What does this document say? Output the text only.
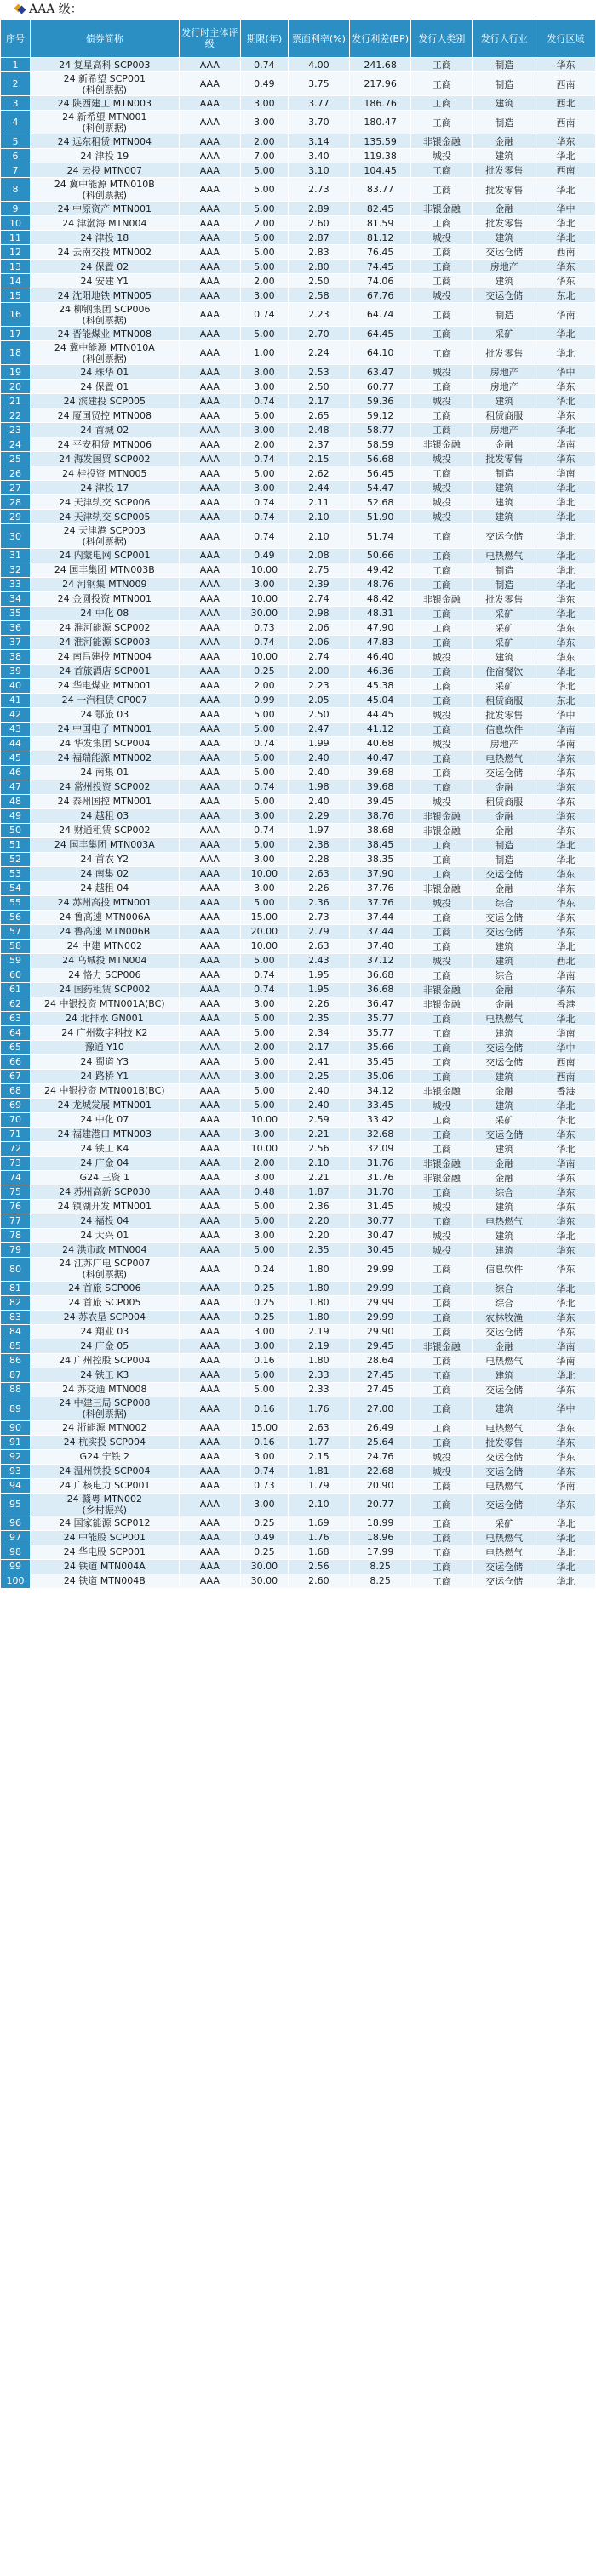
AAA 级：
序号	债券简称	发行时主体评级	期限(年)	票面利率(%)	发行利差(BP)	发行人类别	发行人行业	发行区域
1	24 复星高科 SCP003	AAA	0.74	4.00	241.68	工商	制造	华东
2	24 新希望 SCP001
(科创票据)	AAA	0.49	3.75	217.96	工商	制造	西南
3	24 陕西建工 MTN003	AAA	3.00	3.77	186.76	工商	建筑	西北
4	24 新希望 MTN001
(科创票据)	AAA	3.00	3.70	180.47	工商	制造	西南
5	24 远东租赁 MTN004	AAA	2.00	3.14	135.59	非银金融	金融	华东
6	24 津投 19	AAA	7.00	3.40	119.38	城投	建筑	华北
7	24 云投 MTN007	AAA	5.00	3.10	104.45	工商	批发零售	西南
8	24 冀中能源 MTN010B
(科创票据)	AAA	5.00	2.73	83.77	工商	批发零售	华北
9	24 中原资产 MTN001	AAA	5.00	2.89	82.45	非银金融	金融	华中
10	24 津渤海 MTN004	AAA	2.00	2.60	81.59	工商	批发零售	华北
11	24 津投 18	AAA	5.00	2.87	81.12	城投	建筑	华北
12	24 云南交投 MTN002	AAA	5.00	2.83	76.45	工商	交运仓储	西南
13	24 保置 02	AAA	5.00	2.80	74.45	工商	房地产	华东
14	24 安建 Y1	AAA	2.00	2.50	74.06	工商	建筑	华东
15	24 沈阳地铁 MTN005	AAA	3.00	2.58	67.76	城投	交运仓储	东北
16	24 柳钢集团 SCP006
(科创票据)	AAA	0.74	2.23	64.74	工商	制造	华南
17	24 晋能煤业 MTN008	AAA	5.00	2.70	64.45	工商	采矿	华北
18	24 冀中能源 MTN010A
(科创票据)	AAA	1.00	2.24	64.10	工商	批发零售	华北
19	24 珠华 01	AAA	3.00	2.53	63.47	城投	房地产	华中
20	24 保置 01	AAA	3.00	2.50	60.77	工商	房地产	华东
21	24 滨建投 SCP005	AAA	0.74	2.17	59.36	城投	建筑	华北
22	24 厦国贸控 MTN008	AAA	5.00	2.65	59.12	工商	租赁商服	华东
23	24 首城 02	AAA	3.00	2.48	58.77	工商	房地产	华北
24	24 平安租赁 MTN006	AAA	2.00	2.37	58.59	非银金融	金融	华南
25	24 海发国贸 SCP002	AAA	0.74	2.15	56.68	城投	批发零售	华东
26	24 桂投资 MTN005	AAA	5.00	2.62	56.45	工商	制造	华南
27	24 津投 17	AAA	3.00	2.44	54.47	城投	建筑	华北
28	24 天津轨交 SCP006	AAA	0.74	2.11	52.68	城投	建筑	华北
29	24 天津轨交 SCP005	AAA	0.74	2.10	51.90	城投	建筑	华北
30	24 天津港 SCP003
(科创票据)	AAA	0.74	2.10	51.74	工商	交运仓储	华北
31	24 内蒙电网 SCP001	AAA	0.49	2.08	50.66	工商	电热燃气	华北
32	24 国丰集团 MTN003B	AAA	10.00	2.75	49.42	工商	制造	华北
33	24 河钢集 MTN009	AAA	3.00	2.39	48.76	工商	制造	华北
34	24 金圆投资 MTN001	AAA	10.00	2.74	48.42	非银金融	批发零售	华东
35	24 中化 08	AAA	30.00	2.98	48.31	工商	采矿	华北
36	24 淮河能源 SCP002	AAA	0.73	2.06	47.90	工商	采矿	华东
37	24 淮河能源 SCP003	AAA	0.74	2.06	47.83	工商	采矿	华东
38	24 南昌建投 MTN004	AAA	10.00	2.74	46.40	城投	建筑	华东
39	24 首旅酒店 SCP001	AAA	0.25	2.00	46.36	工商	住宿餐饮	华北
40	24 华电煤业 MTN001	AAA	2.00	2.23	45.38	工商	采矿	华北
41	24 一汽租赁 CP007	AAA	0.99	2.05	45.04	工商	租赁商服	东北
42	24 鄂旅 03	AAA	5.00	2.50	44.45	城投	批发零售	华中
43	24 中国电子 MTN001	AAA	5.00	2.47	41.12	工商	信息软件	华南
44	24 华发集团 SCP004	AAA	0.74	1.99	40.68	城投	房地产	华南
45	24 福瑞能源 MTN002	AAA	5.00	2.40	40.47	工商	电热燃气	华东
46	24 南集 01	AAA	5.00	2.40	39.68	工商	交运仓储	华东
47	24 常州投资 SCP002	AAA	0.74	1.98	39.68	工商	金融	华东
48	24 泰州国控 MTN001	AAA	5.00	2.40	39.45	城投	租赁商服	华东
49	24 越租 03	AAA	3.00	2.29	38.76	非银金融	金融	华东
50	24 财通租赁 SCP002	AAA	0.74	1.97	38.68	非银金融	金融	华东
51	24 国丰集团 MTN003A	AAA	5.00	2.38	38.45	工商	制造	华北
52	24 首农 Y2	AAA	3.00	2.28	38.35	工商	制造	华北
53	24 南集 02	AAA	10.00	2.63	37.90	工商	交运仓储	华东
54	24 越租 04	AAA	3.00	2.26	37.76	非银金融	金融	华东
55	24 苏州高投 MTN001	AAA	5.00	2.36	37.76	城投	综合	华东
56	24 鲁高速 MTN006A	AAA	15.00	2.73	37.44	工商	交运仓储	华东
57	24 鲁高速 MTN006B	AAA	20.00	2.79	37.44	工商	交运仓储	华东
58	24 中建 MTN002	AAA	10.00	2.63	37.40	工商	建筑	华北
59	24 乌城投 MTN004	AAA	5.00	2.43	37.12	城投	建筑	西北
60	24 恪力 SCP006	AAA	0.74	1.95	36.68	工商	综合	华南
61	24 国药租赁 SCP002	AAA	0.74	1.95	36.68	非银金融	金融	华东
62	24 中银投资 MTN001A(BC)	AAA	3.00	2.26	36.47	非银金融	金融	香港
63	24 北排水 GN001	AAA	5.00	2.35	35.77	工商	电热燃气	华北
64	24 广州数字科技 K2	AAA	5.00	2.34	35.77	工商	建筑	华南
65	豫通 Y10	AAA	2.00	2.17	35.66	工商	交运仓储	华中
66	24 蜀道 Y3	AAA	5.00	2.41	35.45	工商	交运仓储	西南
67	24 路桥 Y1	AAA	3.00	2.25	35.06	工商	建筑	西南
68	24 中银投资 MTN001B(BC)	AAA	5.00	2.40	34.12	非银金融	金融	香港
69	24 龙城发展 MTN001	AAA	5.00	2.40	33.45	城投	建筑	华北
70	24 中化 07	AAA	10.00	2.59	33.42	工商	采矿	华北
71	24 福建港口 MTN003	AAA	3.00	2.21	32.68	工商	交运仓储	华东
72	24 铁工 K4	AAA	10.00	2.56	32.09	工商	建筑	华北
73	24 广金 04	AAA	2.00	2.10	31.76	非银金融	金融	华南
74	G24 三资 1	AAA	3.00	2.21	31.76	非银金融	金融	华东
75	24 苏州高新 SCP030	AAA	0.48	1.87	31.70	工商	综合	华东
76	24 镇湖开发 MTN001	AAA	5.00	2.36	31.45	城投	建筑	华东
77	24 福投 04	AAA	5.00	2.20	30.77	工商	电热燃气	华东
78	24 大兴 01	AAA	3.00	2.20	30.47	城投	建筑	华北
79	24 洪市政 MTN004	AAA	5.00	2.35	30.45	城投	建筑	华东
80	24 江苏广电 SCP007
(科创票据)	AAA	0.24	1.80	29.99	工商	信息软件	华东
81	24 首旅 SCP006	AAA	0.25	1.80	29.99	工商	综合	华北
82	24 首旅 SCP005	AAA	0.25	1.80	29.99	工商	综合	华北
83	24 苏农垦 SCP004	AAA	0.25	1.80	29.99	工商	农林牧渔	华东
84	24 翔业 03	AAA	3.00	2.19	29.90	工商	交运仓储	华东
85	24 广金 05	AAA	3.00	2.19	29.45	非银金融	金融	华南
86	24 广州控股 SCP004	AAA	0.16	1.80	28.64	工商	电热燃气	华南
87	24 铁工 K3	AAA	5.00	2.33	27.45	工商	建筑	华北
88	24 苏交通 MTN008	AAA	5.00	2.33	27.45	工商	交运仓储	华东
89	24 中建三局 SCP008
(科创票据)	AAA	0.16	1.76	27.00	工商	建筑	华中
90	24 浙能源 MTN002	AAA	15.00	2.63	26.49	工商	电热燃气	华东
91	24 杭实投 SCP004	AAA	0.16	1.77	25.64	工商	批发零售	华东
92	G24 宁铁 2	AAA	3.00	2.15	24.76	城投	交运仓储	华东
93	24 温州铁投 SCP004	AAA	0.74	1.81	22.68	城投	交运仓储	华东
94	24 广核电力 SCP001	AAA	0.73	1.79	20.90	工商	电热燃气	华南
95	24 赣粤 MTN002
(乡村振兴)	AAA	3.00	2.10	20.77	工商	交运仓储	华东
96	24 国家能源 SCP012	AAA	0.25	1.69	18.99	工商	采矿	华北
97	24 中能股 SCP001	AAA	0.49	1.76	18.96	工商	电热燃气	华北
98	24 华电股 SCP001	AAA	0.25	1.68	17.99	工商	电热燃气	华北
99	24 铁道 MTN004A	AAA	30.00	2.56	8.25	工商	交运仓储	华北
100	24 铁道 MTN004B	AAA	30.00	2.60	8.25	工商	交运仓储	华北
